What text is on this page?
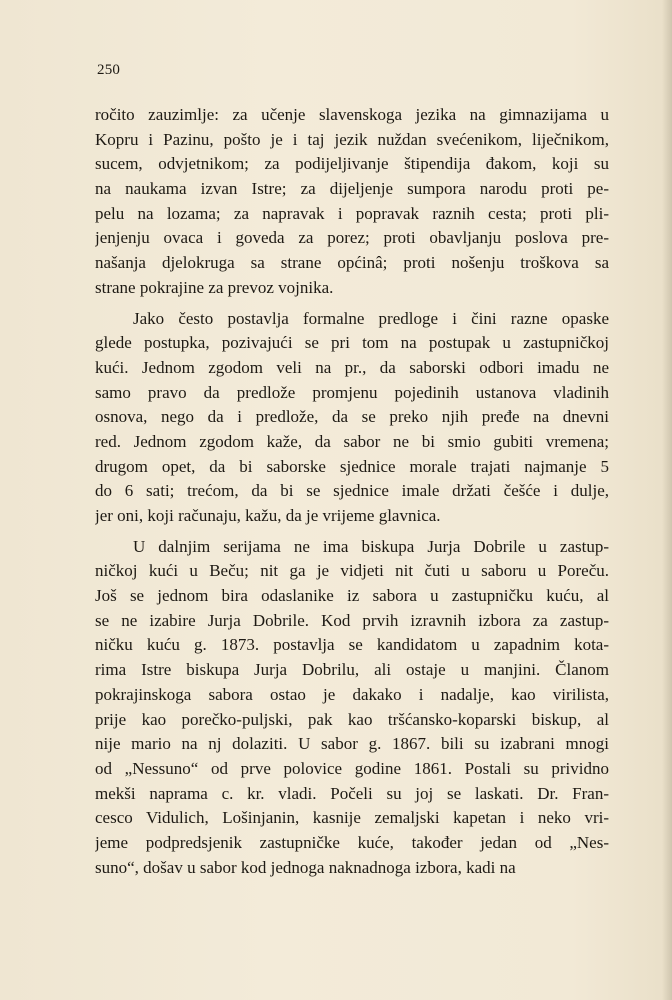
250
ročito zauzimlje: za učenje slavenskoga jezika na gimnazijama u
Kopru i Pazinu, pošto je i taj jezik nuždan svećenikom, liječnikom,
sucem, odvjetnikom; za podijeljivanje štipendija đakom, koji su
na naukama izvan Istre; za dijeljenje sumpora narodu proti pe-
pelu na lozama; za napravak i popravak raznih cesta; proti pli-
jenjenju ovaca i goveda za porez; proti obavljanju poslova pre-
našanja djelokruga sa strane općinâ; proti nošenju troškova sa
strane pokrajine za prevoz vojnika.
Jako često postavlja formalne predloge i čini razne opaske
glede postupka, pozivajući se pri tom na postupak u zastupničkoj
kući. Jednom zgodom veli na pr., da saborski odbori imadu ne
samo pravo da predlože promjenu pojedinih ustanova vladinih
osnova, nego da i predlože, da se preko njih pređe na dnevni
red. Jednom zgodom kaže, da sabor ne bi smio gubiti vremena;
drugom opet, da bi saborske sjednice morale trajati najmanje 5
do 6 sati; trećom, da bi se sjednice imale držati češće i dulje,
jer oni, koji računaju, kažu, da je vrijeme glavnica.
U dalnjim serijama ne ima biskupa Jurja Dobrile u zastup-
ničkoj kući u Beču; nit ga je vidjeti nit čuti u saboru u Poreču.
Još se jednom bira odaslanike iz sabora u zastupničku kuću, al
se ne izabire Jurja Dobrile. Kod prvih izravnih izbora za zastup-
ničku kuću g. 1873. postavlja se kandidatom u zapadnim kota-
rima Istre biskupa Jurja Dobrilu, ali ostaje u manjini. Članom
pokrajinskoga sabora ostao je dakako i nadalje, kao virilista,
prije kao porečko-puljski, pak kao tršćansko-koparski biskup, al
nije mario na nj dolaziti. U sabor g. 1867. bili su izabrani mnogi
od „Nessuno“ od prve polovice godine 1861. Postali su prividno
mekši naprama c. kr. vladi. Počeli su joj se laskati. Dr. Fran-
cesco Vidulich, Lošinjanin, kasnije zemaljski kapetan i neko vri-
jeme podpredsjenik zastupničke kuće, također jedan od „Nes-
suno“, došav u sabor kod jednoga naknadnoga izbora, kadi na
